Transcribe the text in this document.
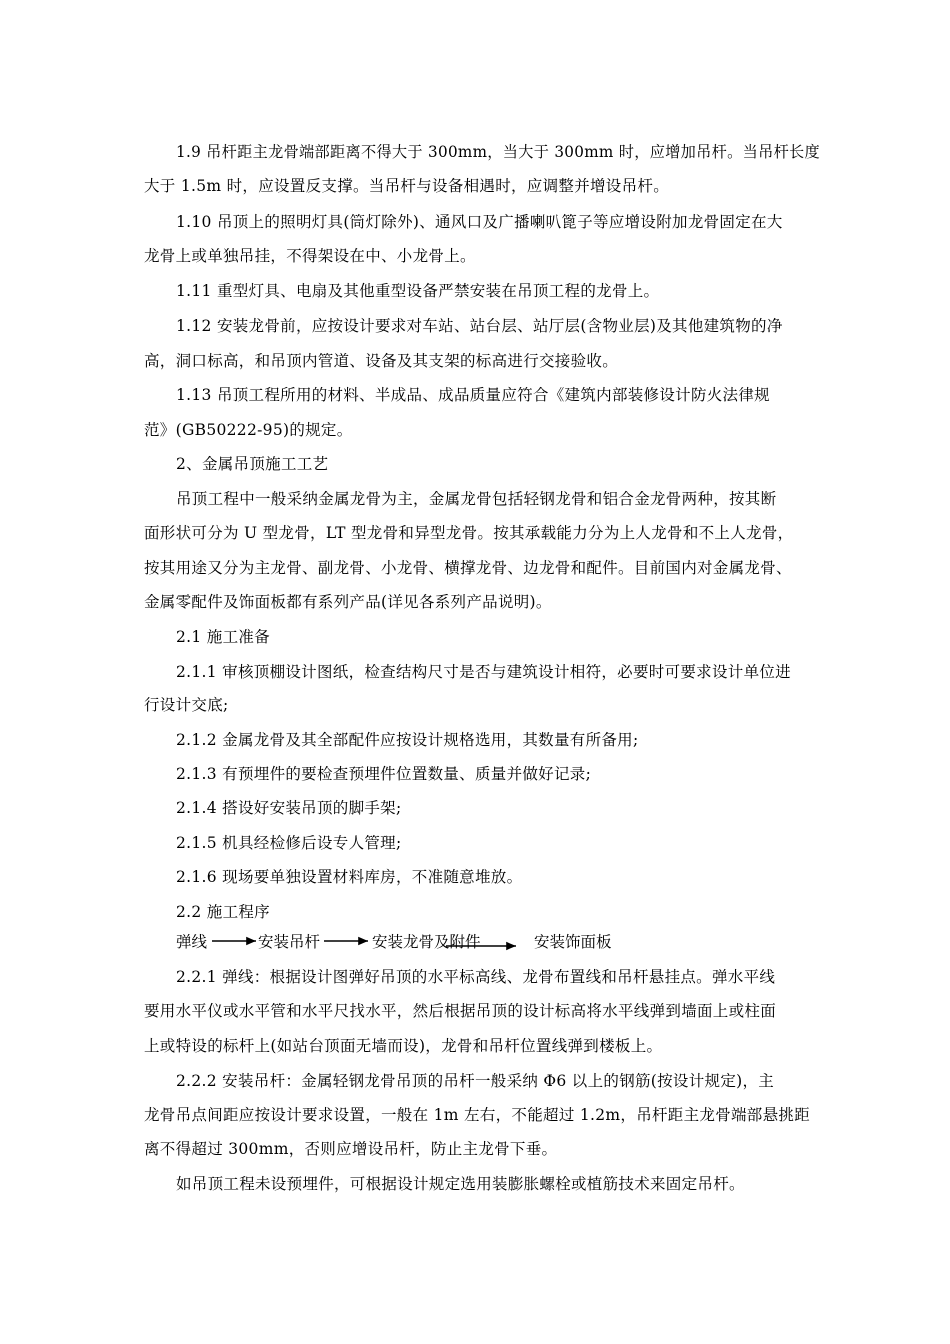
1.9 吊杆距主龙骨端部距离不得大于 300mm，当大于 300mm 时，应增加吊杆。当吊杆长度
大于 1.5m 时，应设置反支撑。当吊杆与设备相遇时，应调整并增设吊杆。
1.10 吊顶上的照明灯具(筒灯除外)、通风口及广播喇叭篦子等应增设附加龙骨固定在大
龙骨上或单独吊挂，不得架设在中、小龙骨上。
1.11 重型灯具、电扇及其他重型设备严禁安装在吊顶工程的龙骨上。
1.12 安装龙骨前，应按设计要求对车站、站台层、站厅层(含物业层)及其他建筑物的净
高，洞口标高，和吊顶内管道、设备及其支架的标高进行交接验收。
1.13 吊顶工程所用的材料、半成品、成品质量应符合《建筑内部装修设计防火法律规
范》(GB50222-95)的规定。
2、金属吊顶施工工艺
吊顶工程中一般采纳金属龙骨为主，金属龙骨包括轻钢龙骨和铝合金龙骨两种，按其断
面形状可分为 U 型龙骨，LT 型龙骨和异型龙骨。按其承载能力分为上人龙骨和不上人龙骨，
按其用途又分为主龙骨、副龙骨、小龙骨、横撑龙骨、边龙骨和配件。目前国内对金属龙骨、
金属零配件及饰面板都有系列产品(详见各系列产品说明)。
2.1 施工准备
2.1.1 审核顶棚设计图纸，检查结构尺寸是否与建筑设计相符，必要时可要求设计单位进
行设计交底;
2.1.2 金属龙骨及其全部配件应按设计规格选用，其数量有所备用;
2.1.3 有预埋件的要检查预埋件位置数量、质量并做好记录;
2.1.4 搭设好安装吊顶的脚手架;
2.1.5 机具经检修后设专人管理;
2.1.6 现场要单独设置材料库房，不准随意堆放。
2.2 施工程序
弹线	安装吊杆	安装龙骨及附件	安装饰面板
2.2.1 弹线：根据设计图弹好吊顶的水平标高线、龙骨布置线和吊杆悬挂点。弹水平线
要用水平仪或水平管和水平尺找水平，然后根据吊顶的设计标高将水平线弹到墙面上或柱面
上或特设的标杆上(如站台顶面无墙而设)，龙骨和吊杆位置线弹到楼板上。
2.2.2 安装吊杆：金属轻钢龙骨吊顶的吊杆一般采纳 Φ6 以上的钢筋(按设计规定)，主
龙骨吊点间距应按设计要求设置，一般在 1m 左右，不能超过 1.2m，吊杆距主龙骨端部悬挑距
离不得超过 300mm，否则应增设吊杆，防止主龙骨下垂。
如吊顶工程未设预埋件，可根据设计规定选用装膨胀螺栓或植筋技术来固定吊杆。
